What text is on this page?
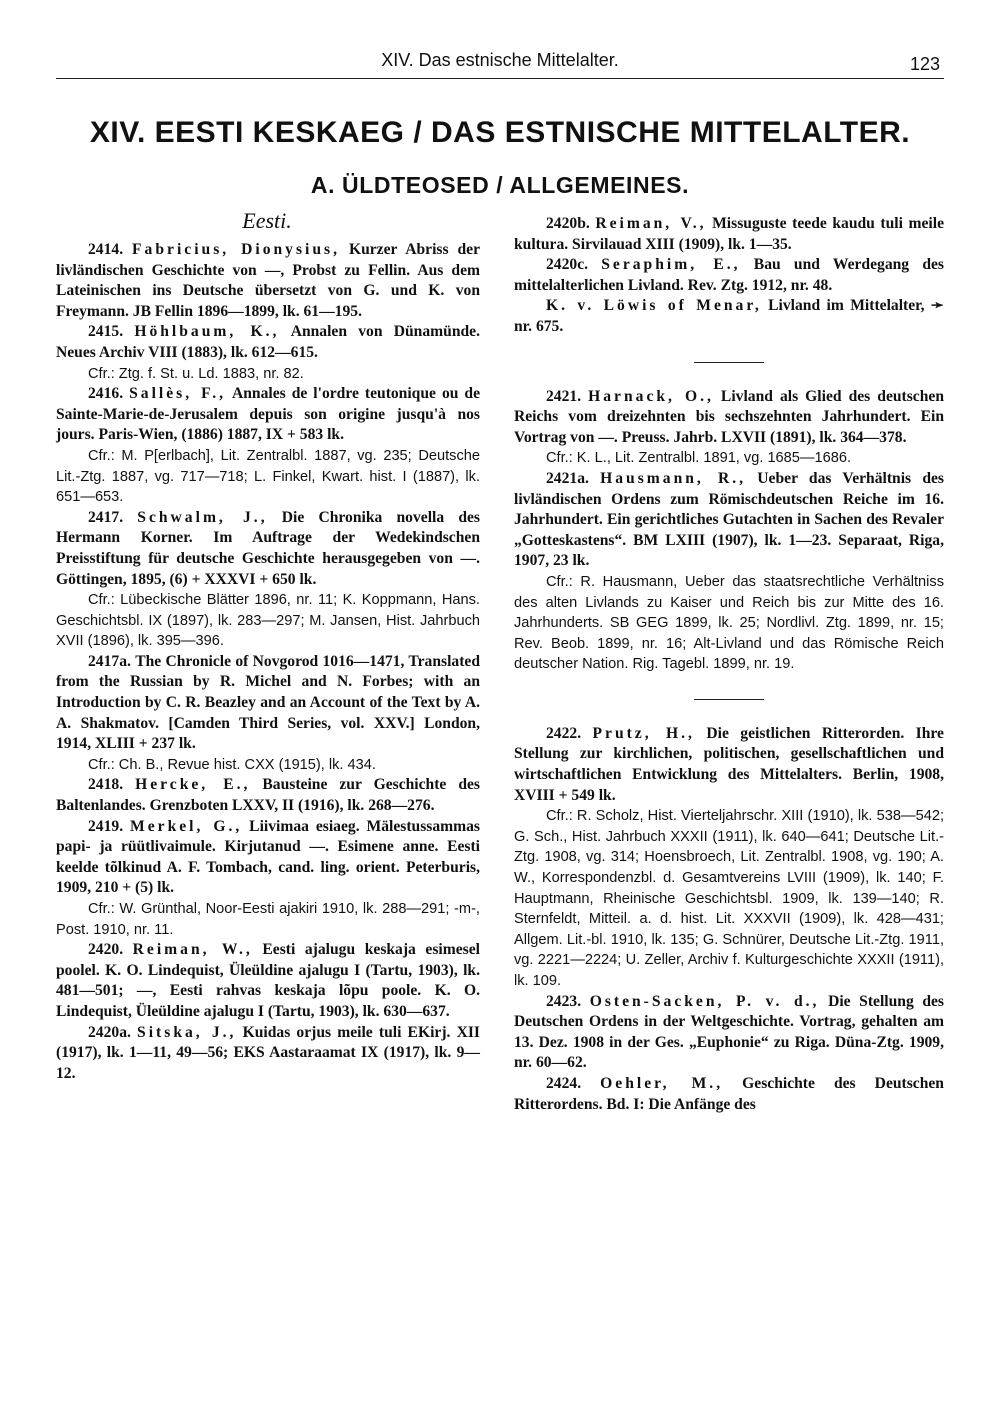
XIV. Das estnische Mittelalter.	123
XIV. EESTI KESKAEG / DAS ESTNISCHE MITTELALTER.
A. ÜLDTEOSED / ALLGEMEINES.
Eesti.

2414. Fabricius, Dionysius, Kurzer Abriss der livländischen Geschichte von —, Probst zu Fellin. Aus dem Lateinischen ins Deutsche übersetzt von G. und K. von Freymann. JB Fellin 1896—1899, lk. 61—195.

2415. Höhlbaum, K., Annalen von Dünamünde. Neues Archiv VIII (1883), lk. 612—615.

Cfr.: Ztg. f. St. u. Ld. 1883, nr. 82.

2416. Sallès, F., Annales de l'ordre teutonique ou de Sainte-Marie-de-Jerusalem depuis son origine jusqu'à nos jours. Paris-Wien, (1886) 1887, IX + 583 lk.

Cfr.: M. P[erlbach], Lit. Zentralbl. 1887, vg. 235; Deutsche Lit.-Ztg. 1887, vg. 717—718; L. Finkel, Kwart. hist. I (1887), lk. 651—653.

2417. Schwalm, J., Die Chronika novella des Hermann Korner. Im Auftrage der Wedekindschen Preisstiftung für deutsche Geschichte herausgegeben von —. Göttingen, 1895, (6) + XXXVI + 650 lk.

Cfr.: Lübeckische Blätter 1896, nr. 11; K. Koppmann, Hans. Geschichtsbl. IX (1897), lk. 283—297; M. Jansen, Hist. Jahrbuch XVII (1896), lk. 395—396.

2417a. The Chronicle of Novgorod 1016—1471, Translated from the Russian by R. Michel and N. Forbes; with an Introduction by C. R. Beazley and an Account of the Text by A. A. Shakmatov. [Camden Third Series, vol. XXV.] London, 1914, XLIII + 237 lk.

Cfr.: Ch. B., Revue hist. CXX (1915), lk. 434.

2418. Hercke, E., Bausteine zur Geschichte des Baltenlandes. Grenzboten LXXV, II (1916), lk. 268—276.

2419. Merkel, G., Liivimaa esiaeg. Mälestussammas papi- ja rüütlivaimule. Kirjutanud —. Esimene anne. Eesti keelde tõlkinud A. F. Tombach, cand. ling. orient. Peterburis, 1909, 210 + (5) lk.

Cfr.: W. Grünthal, Noor-Eesti ajakiri 1910, lk. 288—291; -m-, Post. 1910, nr. 11.

2420. Reiman, W., Eesti ajalugu keskaja esimesel poolel. K. O. Lindequist, Üleüldine ajalugu I (Tartu, 1903), lk. 481—501; —, Eesti rahvas keskaja lõpu poole. K. O. Lindequist, Üleüldine ajalugu I (Tartu, 1903), lk. 630—637.

2420a. Sitska, J., Kuidas orjus meile tuli EKirj. XII (1917), lk. 1—11, 49—56; EKS Aastaraamat IX (1917), lk. 9—12.

2420b. Reiman, V., Missuguste teede kaudu tuli meile kultura. Sirvilauad XIII (1909), lk. 1—35.

2420c. Seraphim, E., Bau und Werdegang des mittelalterlichen Livland. Rev. Ztg. 1912, nr. 48.

K. v. Löwis of Menar, Livland im Mittelalter, ➛ nr. 675.

2421. Harnack, O., Livland als Glied des deutschen Reichs vom dreizehnten bis sechszehnten Jahrhundert. Ein Vortrag von —. Preuss. Jahrb. LXVII (1891), lk. 364—378.

Cfr.: K. L., Lit. Zentralbl. 1891, vg. 1685—1686.

2421a. Hausmann, R., Ueber das Verhältnis des livländischen Ordens zum Römischdeutschen Reiche im 16. Jahrhundert. Ein gerichtliches Gutachten in Sachen des Revaler „Gotteskastens“. BM LXIII (1907), lk. 1—23. Separaat, Riga, 1907, 23 lk.

Cfr.: R. Hausmann, Ueber das staatsrechtliche Verhältniss des alten Livlands zu Kaiser und Reich bis zur Mitte des 16. Jahrhunderts. SB GEG 1899, lk. 25; Nordlivl. Ztg. 1899, nr. 15; Rev. Beob. 1899, nr. 16; Alt-Livland und das Römische Reich deutscher Nation. Rig. Tagebl. 1899, nr. 19.

2422. Prutz, H., Die geistlichen Ritterorden. Ihre Stellung zur kirchlichen, politischen, gesellschaftlichen und wirtschaftlichen Entwicklung des Mittelalters. Berlin, 1908, XVIII + 549 lk.

Cfr.: R. Scholz, Hist. Vierteljahrschr. XIII (1910), lk. 538—542; G. Sch., Hist. Jahrbuch XXXII (1911), lk. 640—641; Deutsche Lit.-Ztg. 1908, vg. 314; Hoensbroech, Lit. Zentralbl. 1908, vg. 190; A. W., Korrespondenzbl. d. Gesamtvereins LVIII (1909), lk. 140; F. Hauptmann, Rheinische Geschichtsbl. 1909, lk. 139—140; R. Sternfeldt, Mitteil. a. d. hist. Lit. XXXVII (1909), lk. 428—431; Allgem. Lit.-bl. 1910, lk. 135; G. Schnürer, Deutsche Lit.-Ztg. 1911, vg. 2221—2224; U. Zeller, Archiv f. Kulturgeschichte XXXII (1911), lk. 109.

2423. Osten-Sacken, P. v. d., Die Stellung des Deutschen Ordens in der Weltgeschichte. Vortrag, gehalten am 13. Dez. 1908 in der Ges. „Euphonie“ zu Riga. Düna-Ztg. 1909, nr. 60—62.

2424. Oehler, M., Geschichte des Deutschen Ritterordens. Bd. I: Die Anfänge des
